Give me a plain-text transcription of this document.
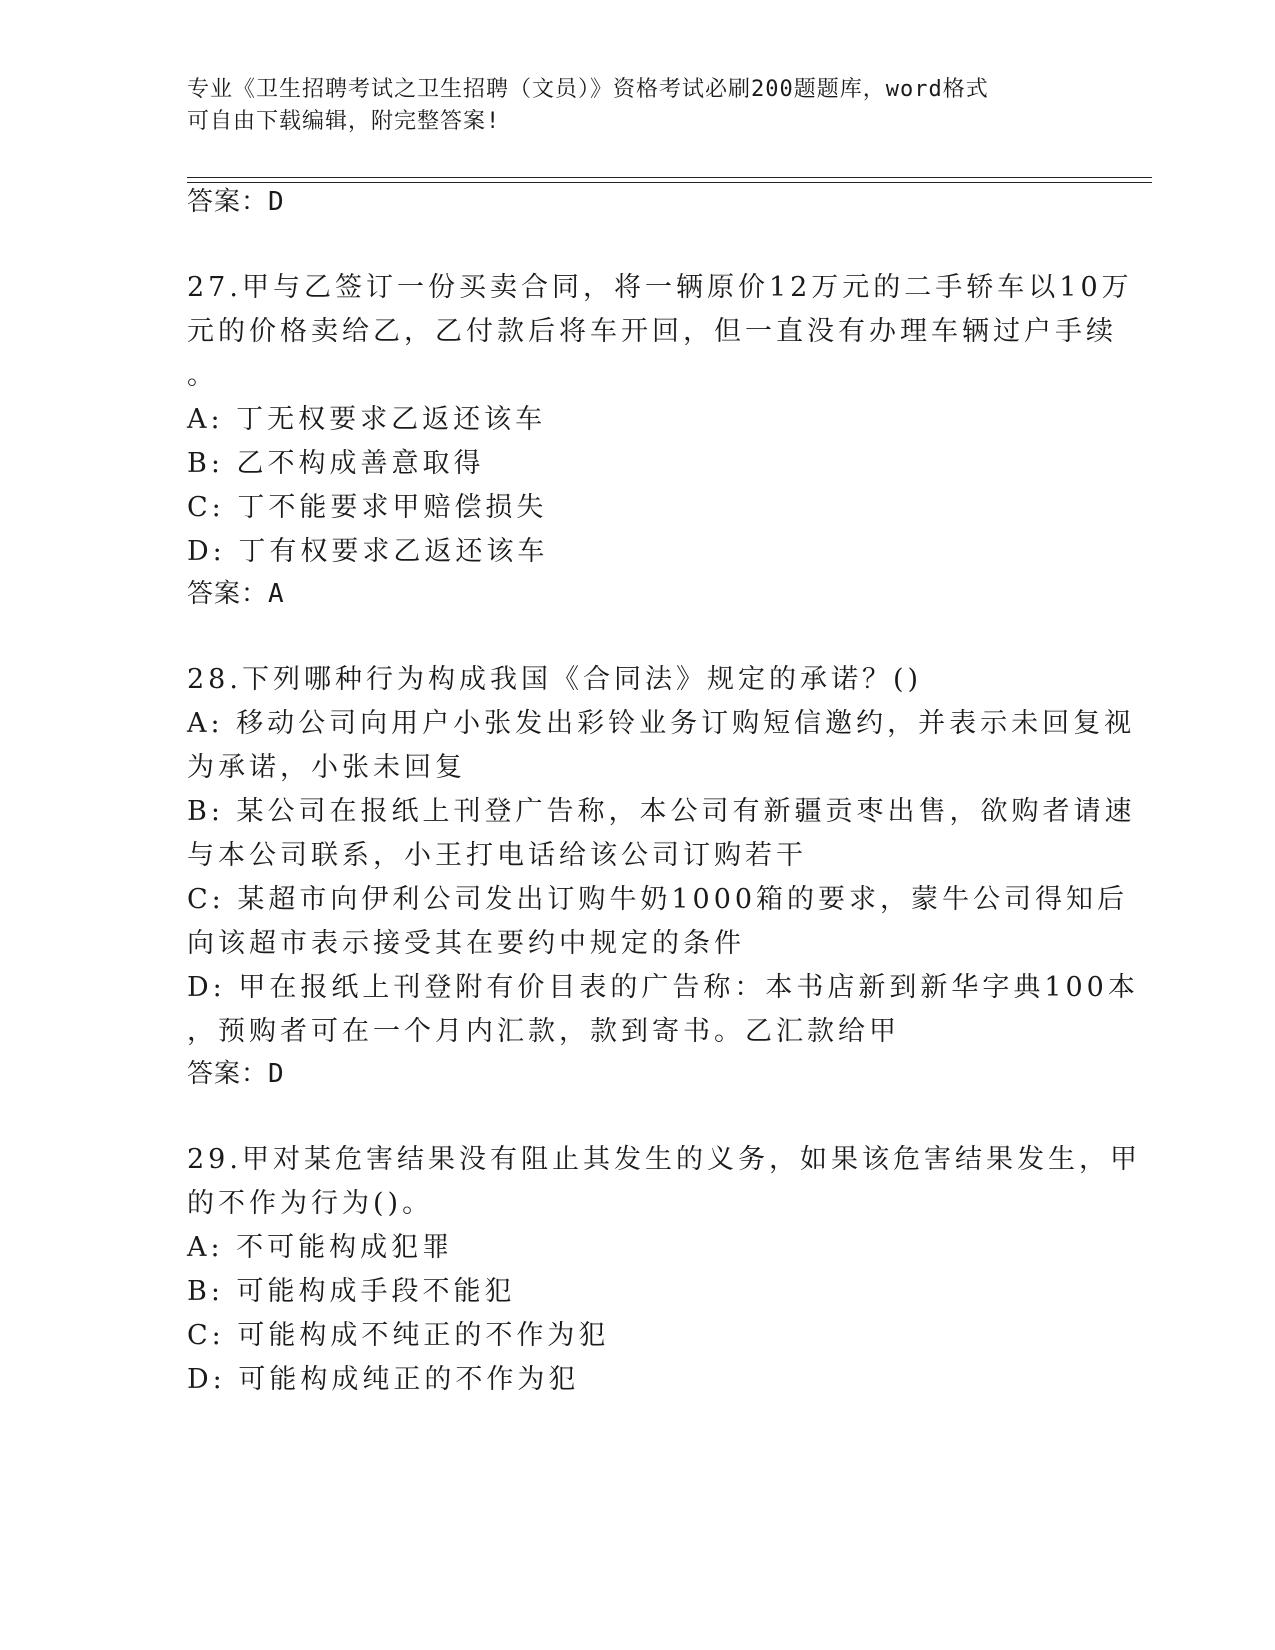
专业《卫生招聘考试之卫生招聘（文员）》资格考试必刷200题题库，word格式
可自由下载编辑，附完整答案!
答案：D
27.甲与乙签订一份买卖合同，将一辆原价12万元的二手轿车以10万
元的价格卖给乙，乙付款后将车开回，但一直没有办理车辆过户手续
。
A: 丁无权要求乙返还该车
B: 乙不构成善意取得
C: 丁不能要求甲赔偿损失
D: 丁有权要求乙返还该车
答案：A
28.下列哪种行为构成我国《合同法》规定的承诺？()
A: 移动公司向用户小张发出彩铃业务订购短信邀约，并表示未回复视
为承诺，小张未回复
B: 某公司在报纸上刊登广告称，本公司有新疆贡枣出售，欲购者请速
与本公司联系，小王打电话给该公司订购若干
C: 某超市向伊利公司发出订购牛奶1000箱的要求，蒙牛公司得知后
向该超市表示接受其在要约中规定的条件
D: 甲在报纸上刊登附有价目表的广告称：本书店新到新华字典100本
，预购者可在一个月内汇款，款到寄书。乙汇款给甲
答案：D
29.甲对某危害结果没有阻止其发生的义务，如果该危害结果发生，甲
的不作为行为()。
A: 不可能构成犯罪
B: 可能构成手段不能犯
C: 可能构成不纯正的不作为犯
D: 可能构成纯正的不作为犯
